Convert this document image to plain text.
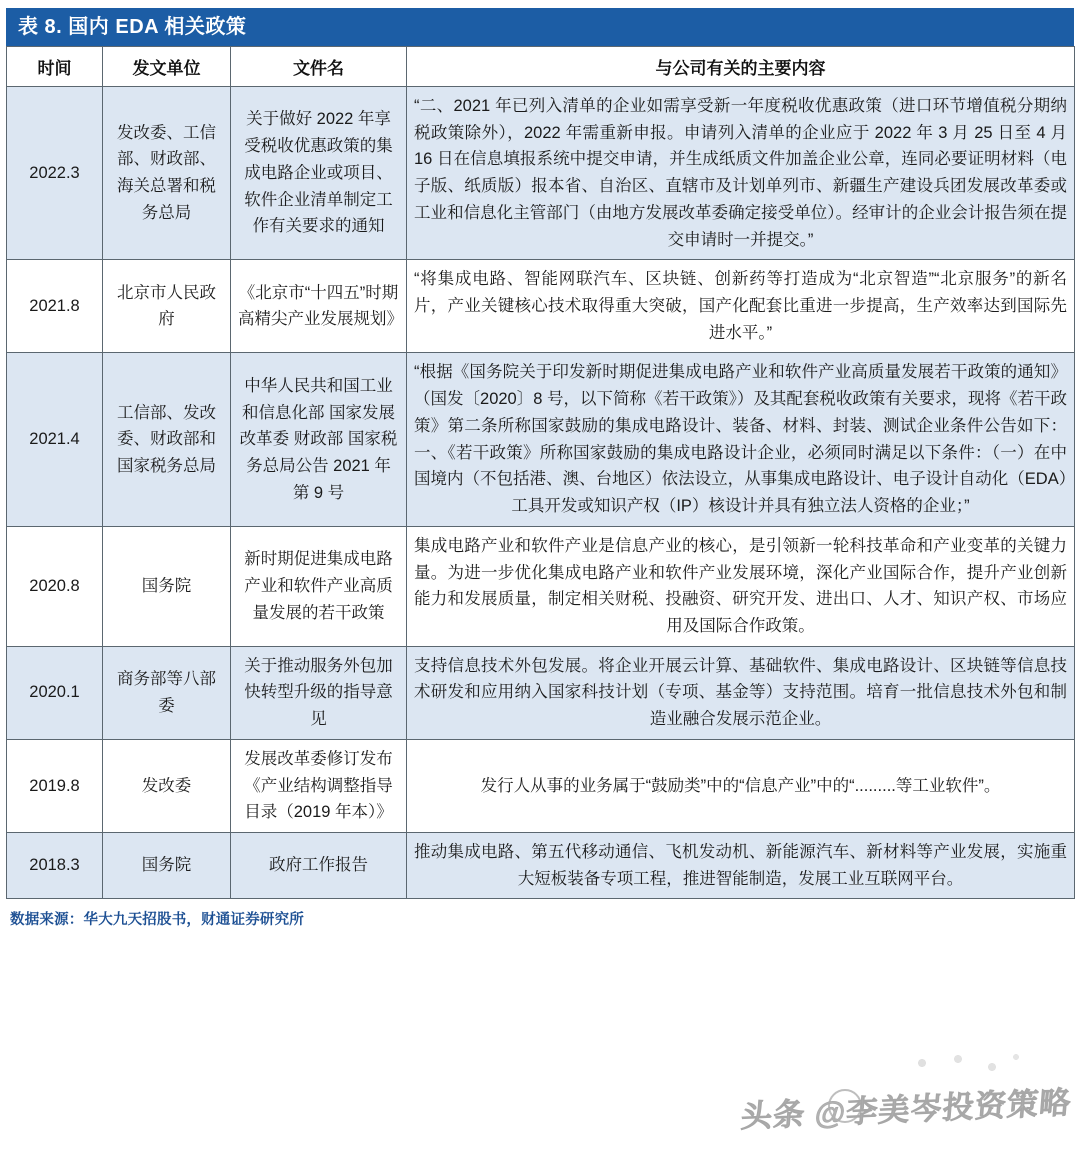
表 8. 国内 EDA 相关政策
时间	发文单位	文件名	与公司有关的主要内容
2022.3	发改委、工信部、财政部、海关总署和税务总局	关于做好 2022 年享受税收优惠政策的集成电路企业或项目、软件企业清单制定工作有关要求的通知	“二、2021 年已列入清单的企业如需享受新一年度税收优惠政策（进口环节增值税分期纳税政策除外），2022 年需重新申报。申请列入清单的企业应于 2022 年 3 月 25 日至 4 月 16 日在信息填报系统中提交申请，并生成纸质文件加盖企业公章，连同必要证明材料（电子版、纸质版）报本省、自治区、直辖市及计划单列市、新疆生产建设兵团发展改革委或工业和信息化主管部门（由地方发展改革委确定接受单位）。经审计的企业会计报告须在提交申请时一并提交。”
2021.8	北京市人民政府	《北京市“十四五”时期高精尖产业发展规划》	“将集成电路、智能网联汽车、区块链、创新药等打造成为“北京智造”“北京服务”的新名片，产业关键核心技术取得重大突破，国产化配套比重进一步提高，生产效率达到国际先进水平。”
2021.4	工信部、发改委、财政部和国家税务总局	中华人民共和国工业和信息化部 国家发展改革委 财政部 国家税务总局公告 2021 年第 9 号	“根据《国务院关于印发新时期促进集成电路产业和软件产业高质量发展若干政策的通知》（国发〔2020〕8 号，以下简称《若干政策》）及其配套税收政策有关要求，现将《若干政策》第二条所称国家鼓励的集成电路设计、装备、材料、封装、测试企业条件公告如下：一、《若干政策》所称国家鼓励的集成电路设计企业，必须同时满足以下条件：（一）在中国境内（不包括港、澳、台地区）依法设立，从事集成电路设计、电子设计自动化（EDA）工具开发或知识产权（IP）核设计并具有独立法人资格的企业；”
2020.8	国务院	新时期促进集成电路产业和软件产业高质量发展的若干政策	集成电路产业和软件产业是信息产业的核心，是引领新一轮科技革命和产业变革的关键力量。为进一步优化集成电路产业和软件产业发展环境，深化产业国际合作，提升产业创新能力和发展质量，制定相关财税、投融资、研究开发、进出口、人才、知识产权、市场应用及国际合作政策。
2020.1	商务部等八部委	关于推动服务外包加快转型升级的指导意见	支持信息技术外包发展。将企业开展云计算、基础软件、集成电路设计、区块链等信息技术研发和应用纳入国家科技计划（专项、基金等）支持范围。培育一批信息技术外包和制造业融合发展示范企业。
2019.8	发改委	发展改革委修订发布《产业结构调整指导目录（2019 年本）》	发行人从事的业务属于“鼓励类”中的“信息产业”中的“.........等工业软件”。
2018.3	国务院	政府工作报告	推动集成电路、第五代移动通信、飞机发动机、新能源汽车、新材料等产业发展，实施重大短板装备专项工程，推进智能制造，发展工业互联网平台。
数据来源：华大九天招股书，财通证券研究所
头条 @李美岑投资策略
